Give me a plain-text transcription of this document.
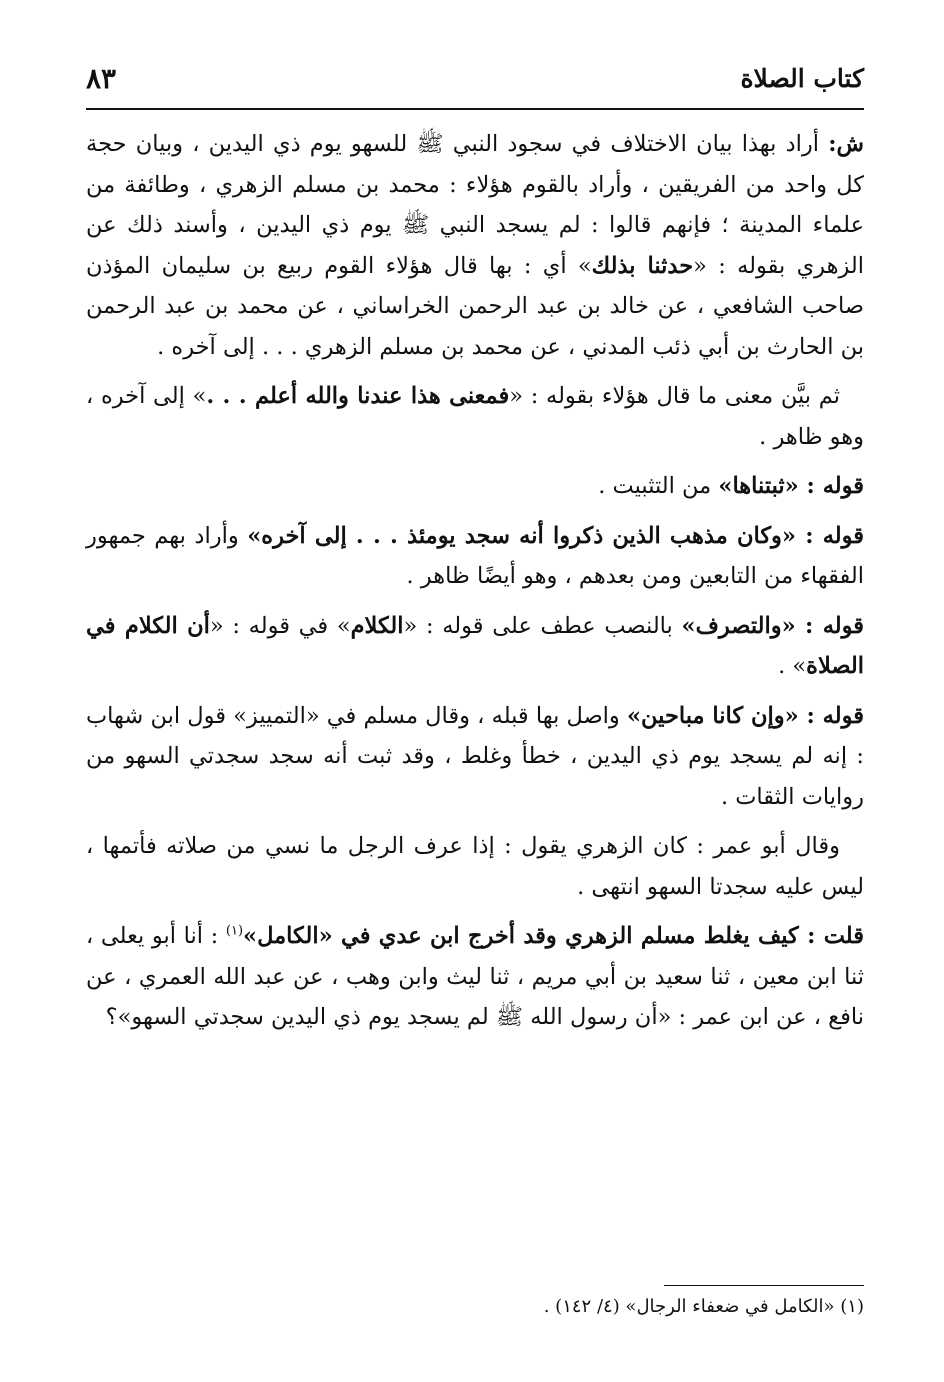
كتاب الصلاة
٨٣

ش: أراد بهذا بيان الاختلاف في سجود النبي ﷺ للسهو يوم ذي اليدين ، وبيان حجة كل واحد من الفريقين ، وأراد بالقوم هؤلاء : محمد بن مسلم الزهري ، وطائفة من علماء المدينة ؛ فإنهم قالوا : لم يسجد النبي ﷺ يوم ذي اليدين ، وأسند ذلك عن الزهري بقوله : «حدثنا بذلك» أي : بها قال هؤلاء القوم ربيع بن سليمان المؤذن صاحب الشافعي ، عن خالد بن عبد الرحمن الخراساني ، عن محمد بن عبد الرحمن بن الحارث بن أبي ذئب المدني ، عن محمد بن مسلم الزهري . . . إلى آخره .

ثم بيَّن معنى ما قال هؤلاء بقوله : «فمعنى هذا عندنا والله أعلم . . .» إلى آخره ، وهو ظاهر .

قوله : «ثبتناها» من التثبيت .

قوله : «وكان مذهب الذين ذكروا أنه سجد يومئذ . . . إلى آخره» وأراد بهم جمهور الفقهاء من التابعين ومن بعدهم ، وهو أيضًا ظاهر .

قوله : «والتصرف» بالنصب عطف على قوله : «الكلام» في قوله : «أن الكلام في الصلاة» .

قوله : «وإن كانا مباحين» واصل بها قبله ، وقال مسلم في «التمييز» قول ابن شهاب : إنه لم يسجد يوم ذي اليدين ، خطأ وغلط ، وقد ثبت أنه سجد سجدتي السهو من روايات الثقات .

وقال أبو عمر : كان الزهري يقول : إذا عرف الرجل ما نسي من صلاته فأتمها ، ليس عليه سجدتا السهو انتهى .

قلت : كيف يغلط مسلم الزهري وقد أخرج ابن عدي في «الكامل»$^{(١)}$ : أنا أبو يعلى ، ثنا ابن معين ، ثنا سعيد بن أبي مريم ، ثنا ليث وابن وهب ، عن عبد الله العمري ، عن نافع ، عن ابن عمر : «أن رسول الله ﷺ لم يسجد يوم ذي اليدين سجدتي السهو»؟

(١) «الكامل في ضعفاء الرجال» (٤/ ١٤٢) .
